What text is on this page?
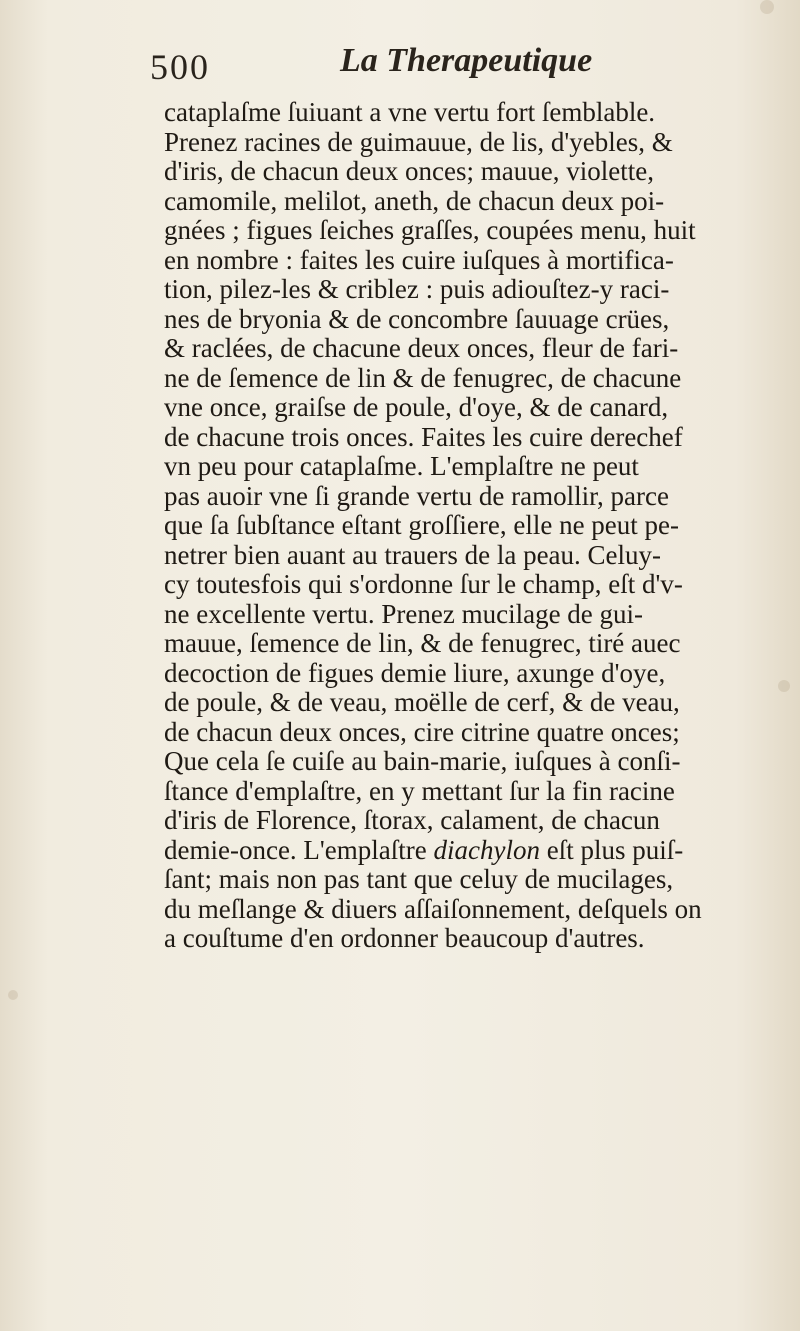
500	La Therapeutique
cataplaſme ſuiuant a vne vertu fort ſemblable.
Prenez racines de guimauue, de lis, d'yebles, &
d'iris, de chacun deux onces; mauue, violette,
camomile, melilot, aneth, de chacun deux poi-
gnées ; figues ſeiches graſſes, coupées menu, huit
en nombre : faites les cuire iuſques à mortifica-
tion, pilez-les & criblez : puis adiouſtez-y raci-
nes de bryonia & de concombre ſauuage crües,
& raclées, de chacune deux onces, fleur de fari-
ne de ſemence de lin & de fenugrec, de chacune
vne once, graiſse de poule, d'oye, & de canard,
de chacune trois onces. Faites les cuire derechef
vn peu pour cataplaſme. L'emplaſtre ne peut
pas auoir vne ſi grande vertu de ramollir, parce
que ſa ſubſtance eſtant groſſiere, elle ne peut pe-
netrer bien auant au trauers de la peau. Celuy-
cy toutesfois qui s'ordonne ſur le champ, eſt d'v-
ne excellente vertu. Prenez mucilage de gui-
mauue, ſemence de lin, & de fenugrec, tiré auec
decoction de figues demie liure, axunge d'oye,
de poule, & de veau, moëlle de cerf, & de veau,
de chacun deux onces, cire citrine quatre onces;
Que cela ſe cuiſe au bain-marie, iuſques à conſi-
ſtance d'emplaſtre, en y mettant ſur la fin racine
d'iris de Florence, ſtorax, calament, de chacun
demie-once. L'emplaſtre diachylon eſt plus puiſ-
ſant; mais non pas tant que celuy de mucilages,
du meſlange & diuers aſſaiſonnement, deſquels on
a couſtume d'en ordonner beaucoup d'autres.
